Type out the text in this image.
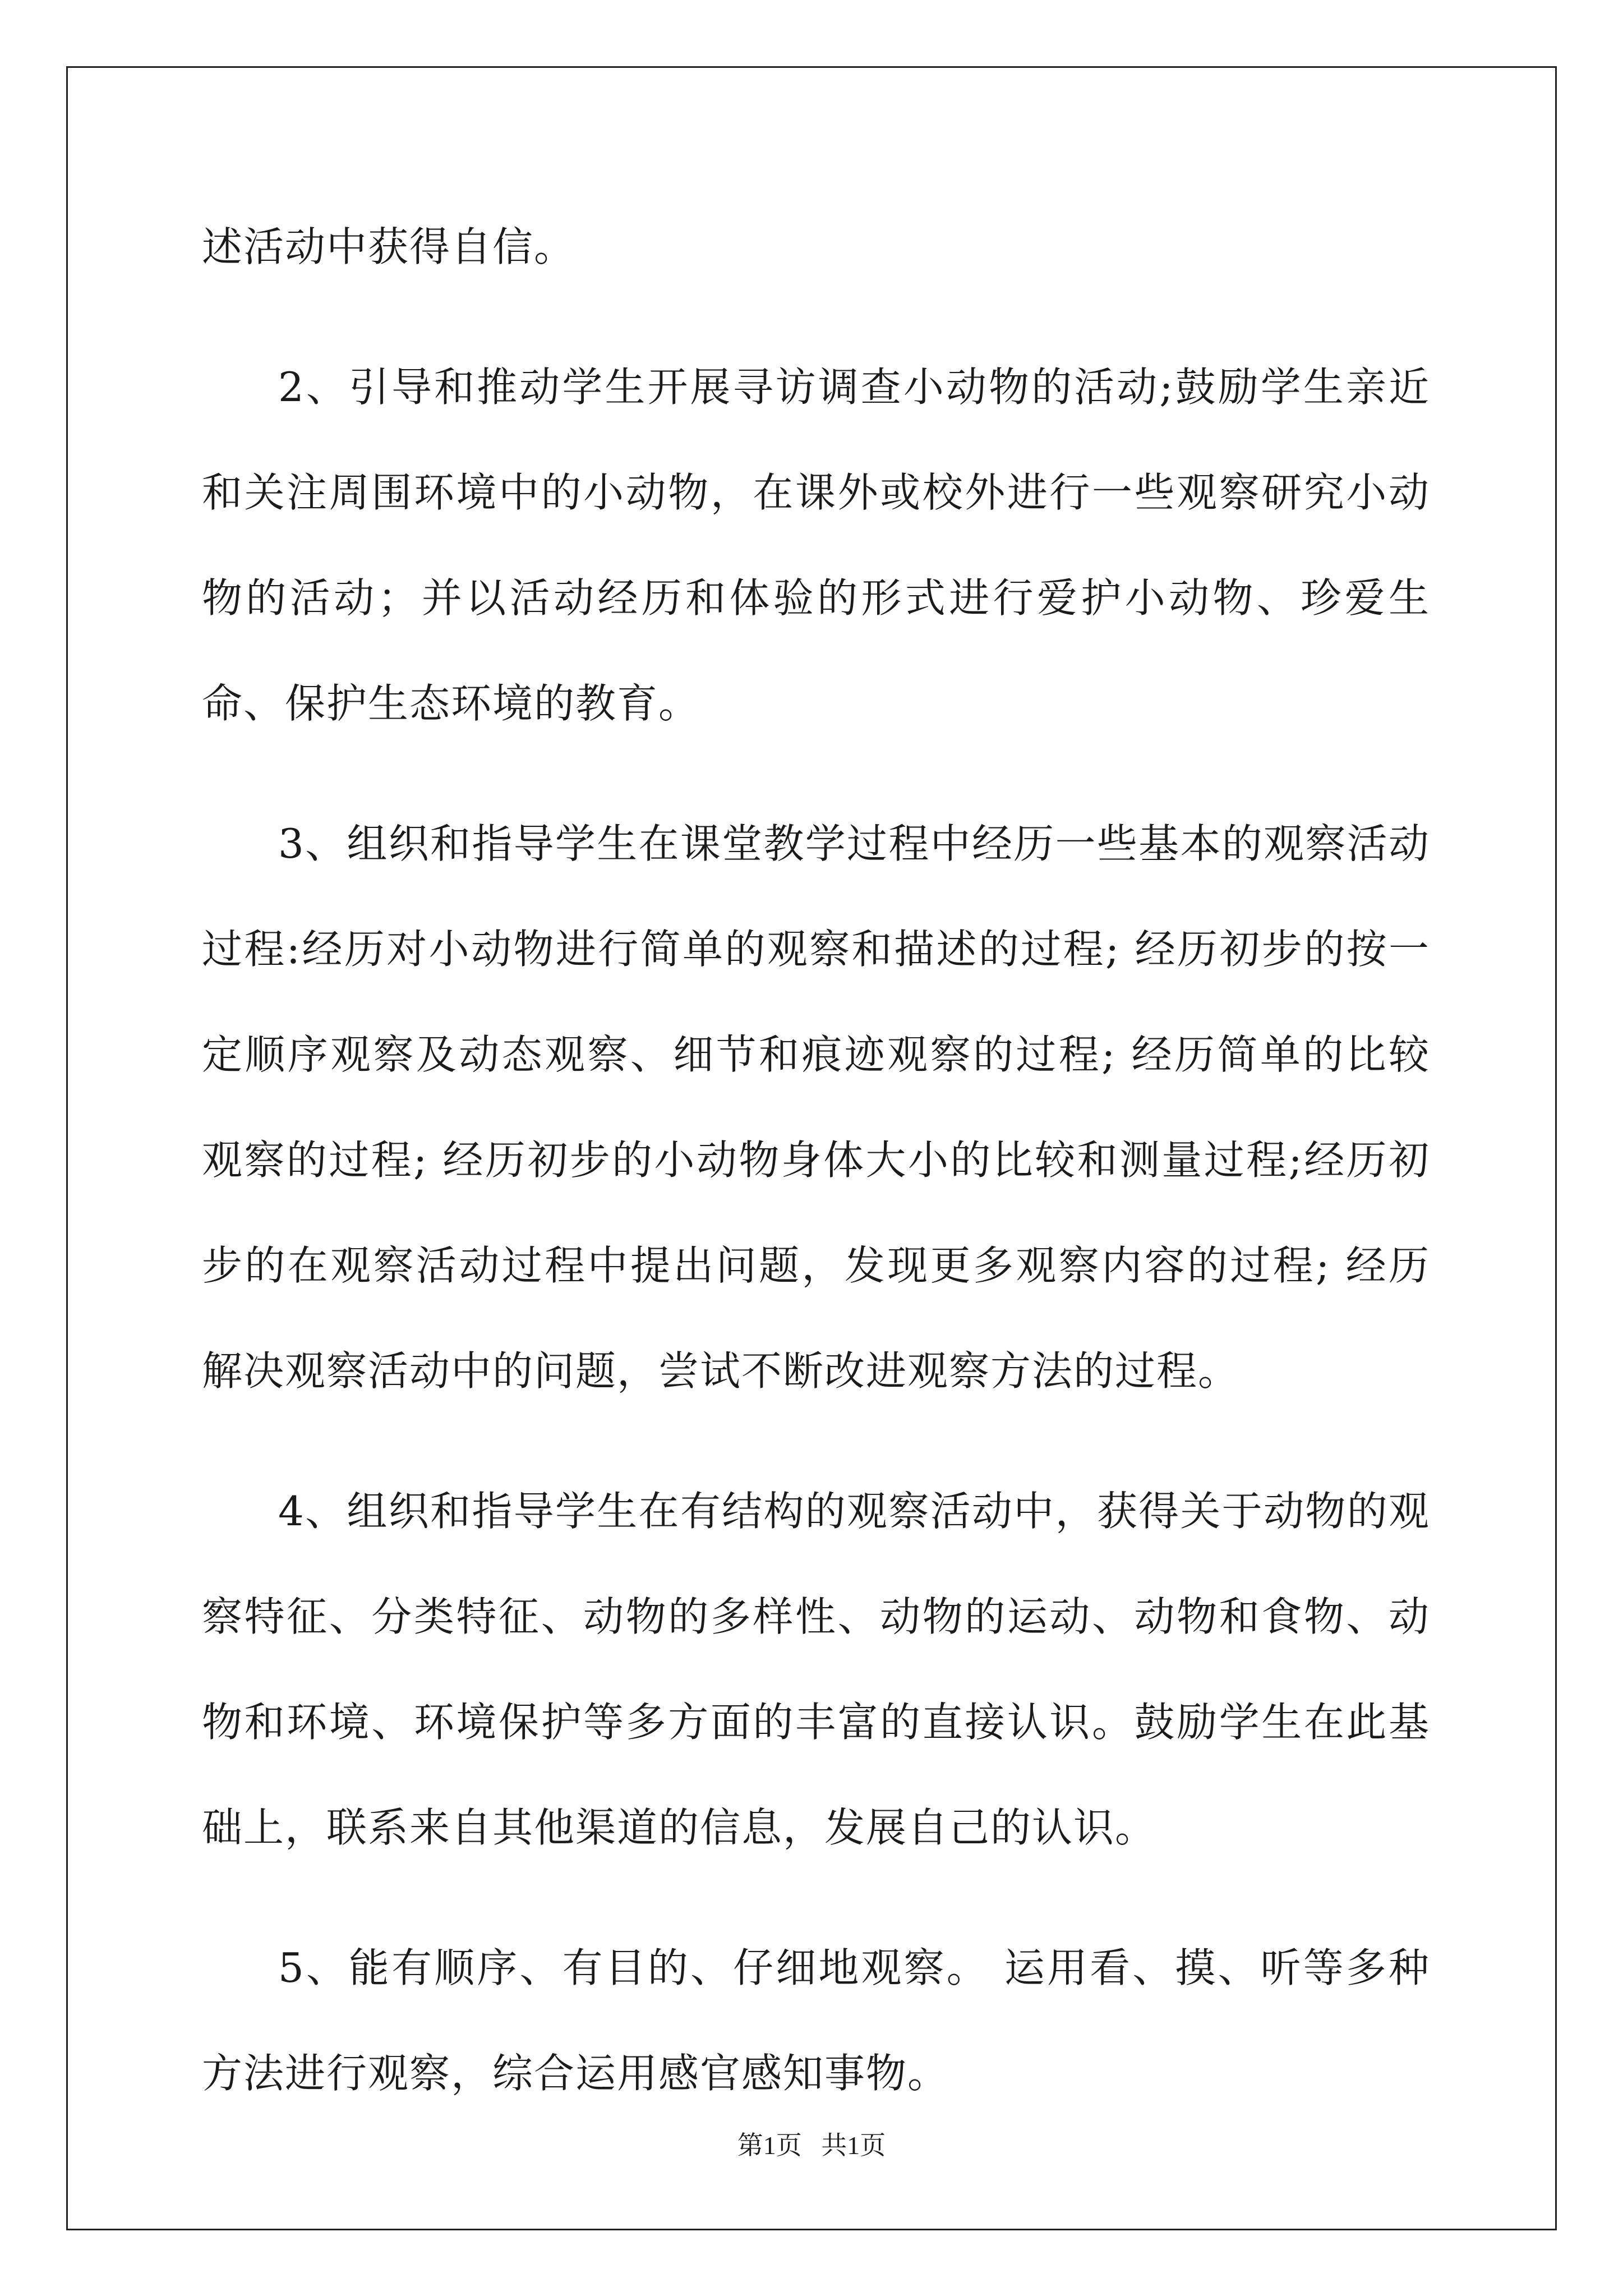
述活动中获得自信。

2、引导和推动学生开展寻访调查小动物的活动;鼓励学生亲近和关注周围环境中的小动物，在课外或校外进行一些观察研究小动物的活动；并以活动经历和体验的形式进行爱护小动物、珍爱生命、保护生态环境的教育。

3、组织和指导学生在课堂教学过程中经历一些基本的观察活动过程:经历对小动物进行简单的观察和描述的过程; 经历初步的按一定顺序观察及动态观察、细节和痕迹观察的过程; 经历简单的比较观察的过程; 经历初步的小动物身体大小的比较和测量过程;经历初步的在观察活动过程中提出问题，发现更多观察内容的过程; 经历解决观察活动中的问题，尝试不断改进观察方法的过程。

4、组织和指导学生在有结构的观察活动中，获得关于动物的观察特征、分类特征、动物的多样性、动物的运动、动物和食物、动物和环境、环境保护等多方面的丰富的直接认识。鼓励学生在此基础上，联系来自其他渠道的信息，发展自己的认识。

5、能有顺序、有目的、仔细地观察。 运用看、摸、听等多种方法进行观察，综合运用感官感知事物。

第1页   共1页
